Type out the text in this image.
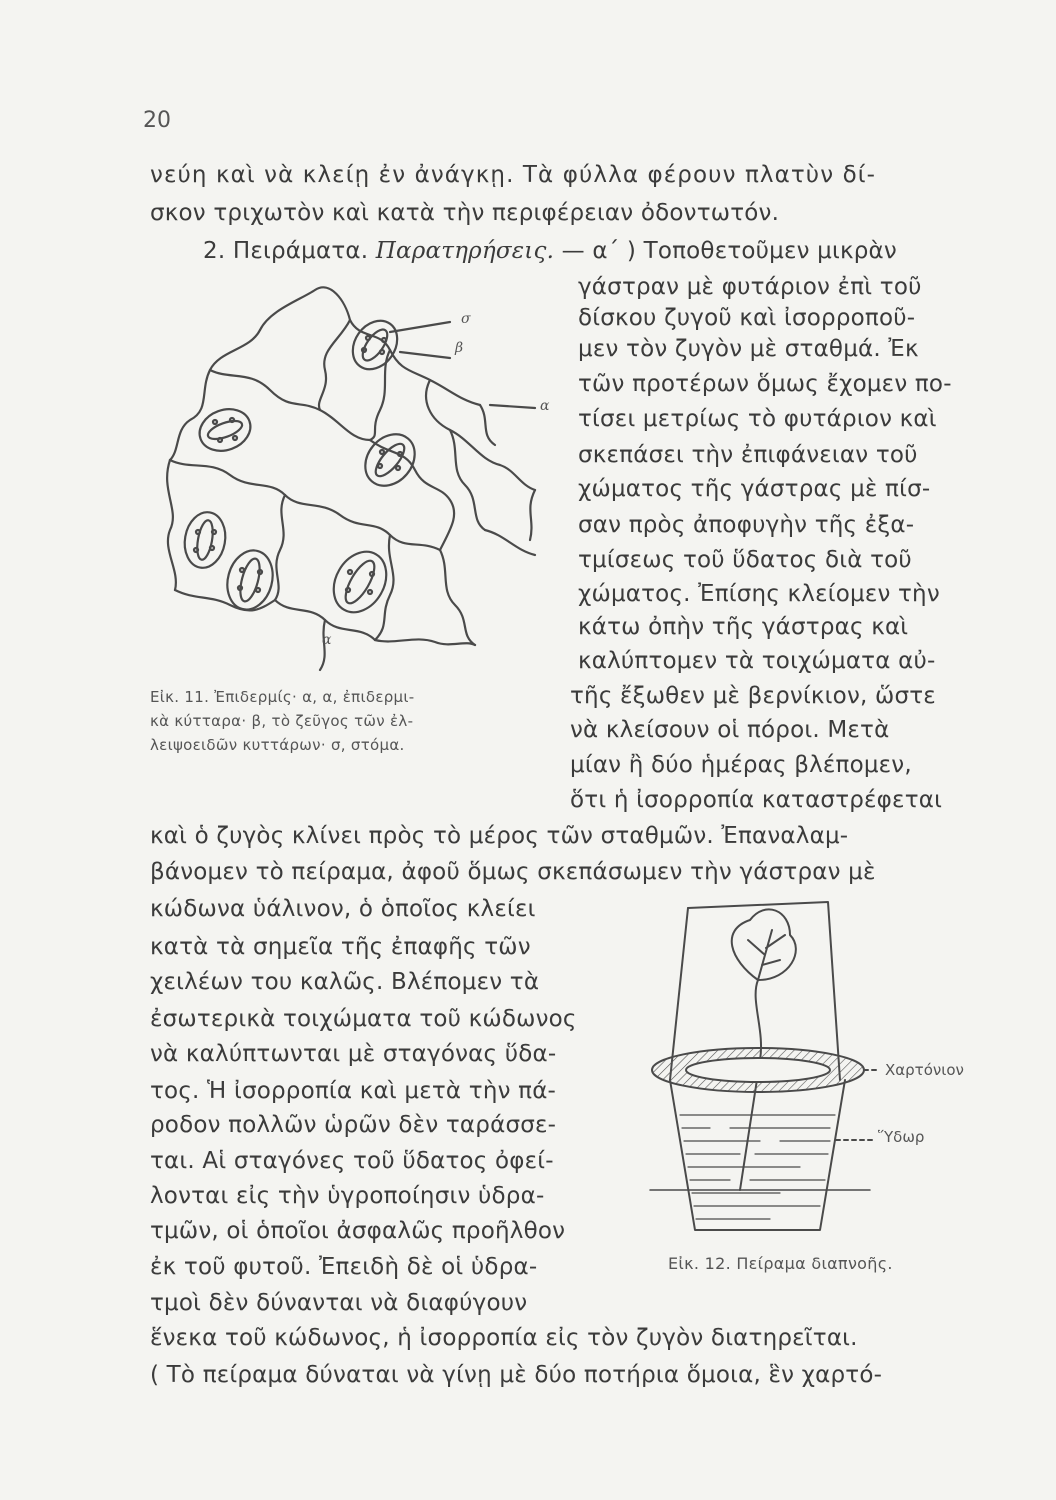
20
νεύη καὶ νὰ κλείῃ ἐν ἀνάγκῃ. Τὰ φύλλα φέρουν πλατὺν δί-
σκον τριχωτὸν καὶ κατὰ τὴν περιφέρειαν ὀδοντωτόν.
2. Πειράματα. Παρατηρήσεις. — α΄ ) Τοποθετοῦμεν μικρὰν
γάστραν μὲ φυτάριον ἐπὶ τοῦ
δίσκου ζυγοῦ καὶ ἰσορροποῦ-
μεν τὸν ζυγὸν μὲ σταθμά. Ἐκ
τῶν προτέρων ὅμως ἔχομεν πο-
τίσει μετρίως τὸ φυτάριον καὶ
σκεπάσει τὴν ἐπιφάνειαν τοῦ
χώματος τῆς γάστρας μὲ πίσ-
σαν πρὸς ἀποφυγὴν τῆς ἐξα-
τμίσεως τοῦ ὕδατος διὰ τοῦ
χώματος. Ἐπίσης κλείομεν τὴν
κάτω ὀπὴν τῆς γάστρας καὶ
καλύπτομεν τὰ τοιχώματα αὐ-
τῆς ἔξωθεν μὲ βερνίκιον, ὥστε
νὰ κλείσουν οἱ πόροι. Μετὰ
μίαν ἢ δύο ἡμέρας βλέπομεν,
ὅτι ἡ ἰσορροπία καταστρέφεται
σ
β
α
α
Εἰκ. 11. Ἐπιδερμίς· α, α, ἐπιδερμι-
κὰ κύτταρα· β, τὸ ζεῦγος τῶν ἐλ-
λειψοειδῶν κυττάρων· σ, στόμα.
καὶ ὁ ζυγὸς κλίνει πρὸς τὸ μέρος τῶν σταθμῶν. Ἐπαναλαμ-
βάνομεν τὸ πείραμα, ἀφοῦ ὅμως σκεπάσωμεν τὴν γάστραν μὲ
κώδωνα ὑάλινον, ὁ ὁποῖος κλείει
κατὰ τὰ σημεῖα τῆς ἐπαφῆς τῶν
χειλέων του καλῶς. Βλέπομεν τὰ
ἐσωτερικὰ τοιχώματα τοῦ κώδωνος
νὰ καλύπτωνται μὲ σταγόνας ὕδα-
τος. Ἡ ἰσορροπία καὶ μετὰ τὴν πά-
ροδον πολλῶν ὡρῶν δὲν ταράσσε-
ται. Αἱ σταγόνες τοῦ ὕδατος ὀφεί-
λονται εἰς τὴν ὑγροποίησιν ὑδρα-
τμῶν, οἱ ὁποῖοι ἀσφαλῶς προῆλθον
ἐκ τοῦ φυτοῦ. Ἐπειδὴ δὲ οἱ ὑδρα-
τμοὶ δὲν δύνανται νὰ διαφύγουν
Χαρτόνιον
Ὕδωρ
Εἰκ. 12. Πείραμα διαπνοῆς.
ἕνεκα τοῦ κώδωνος, ἡ ἰσορροπία εἰς τὸν ζυγὸν διατηρεῖται.
( Τὸ πείραμα δύναται νὰ γίνῃ μὲ δύο ποτήρια ὅμοια, ἓν χαρτό-
